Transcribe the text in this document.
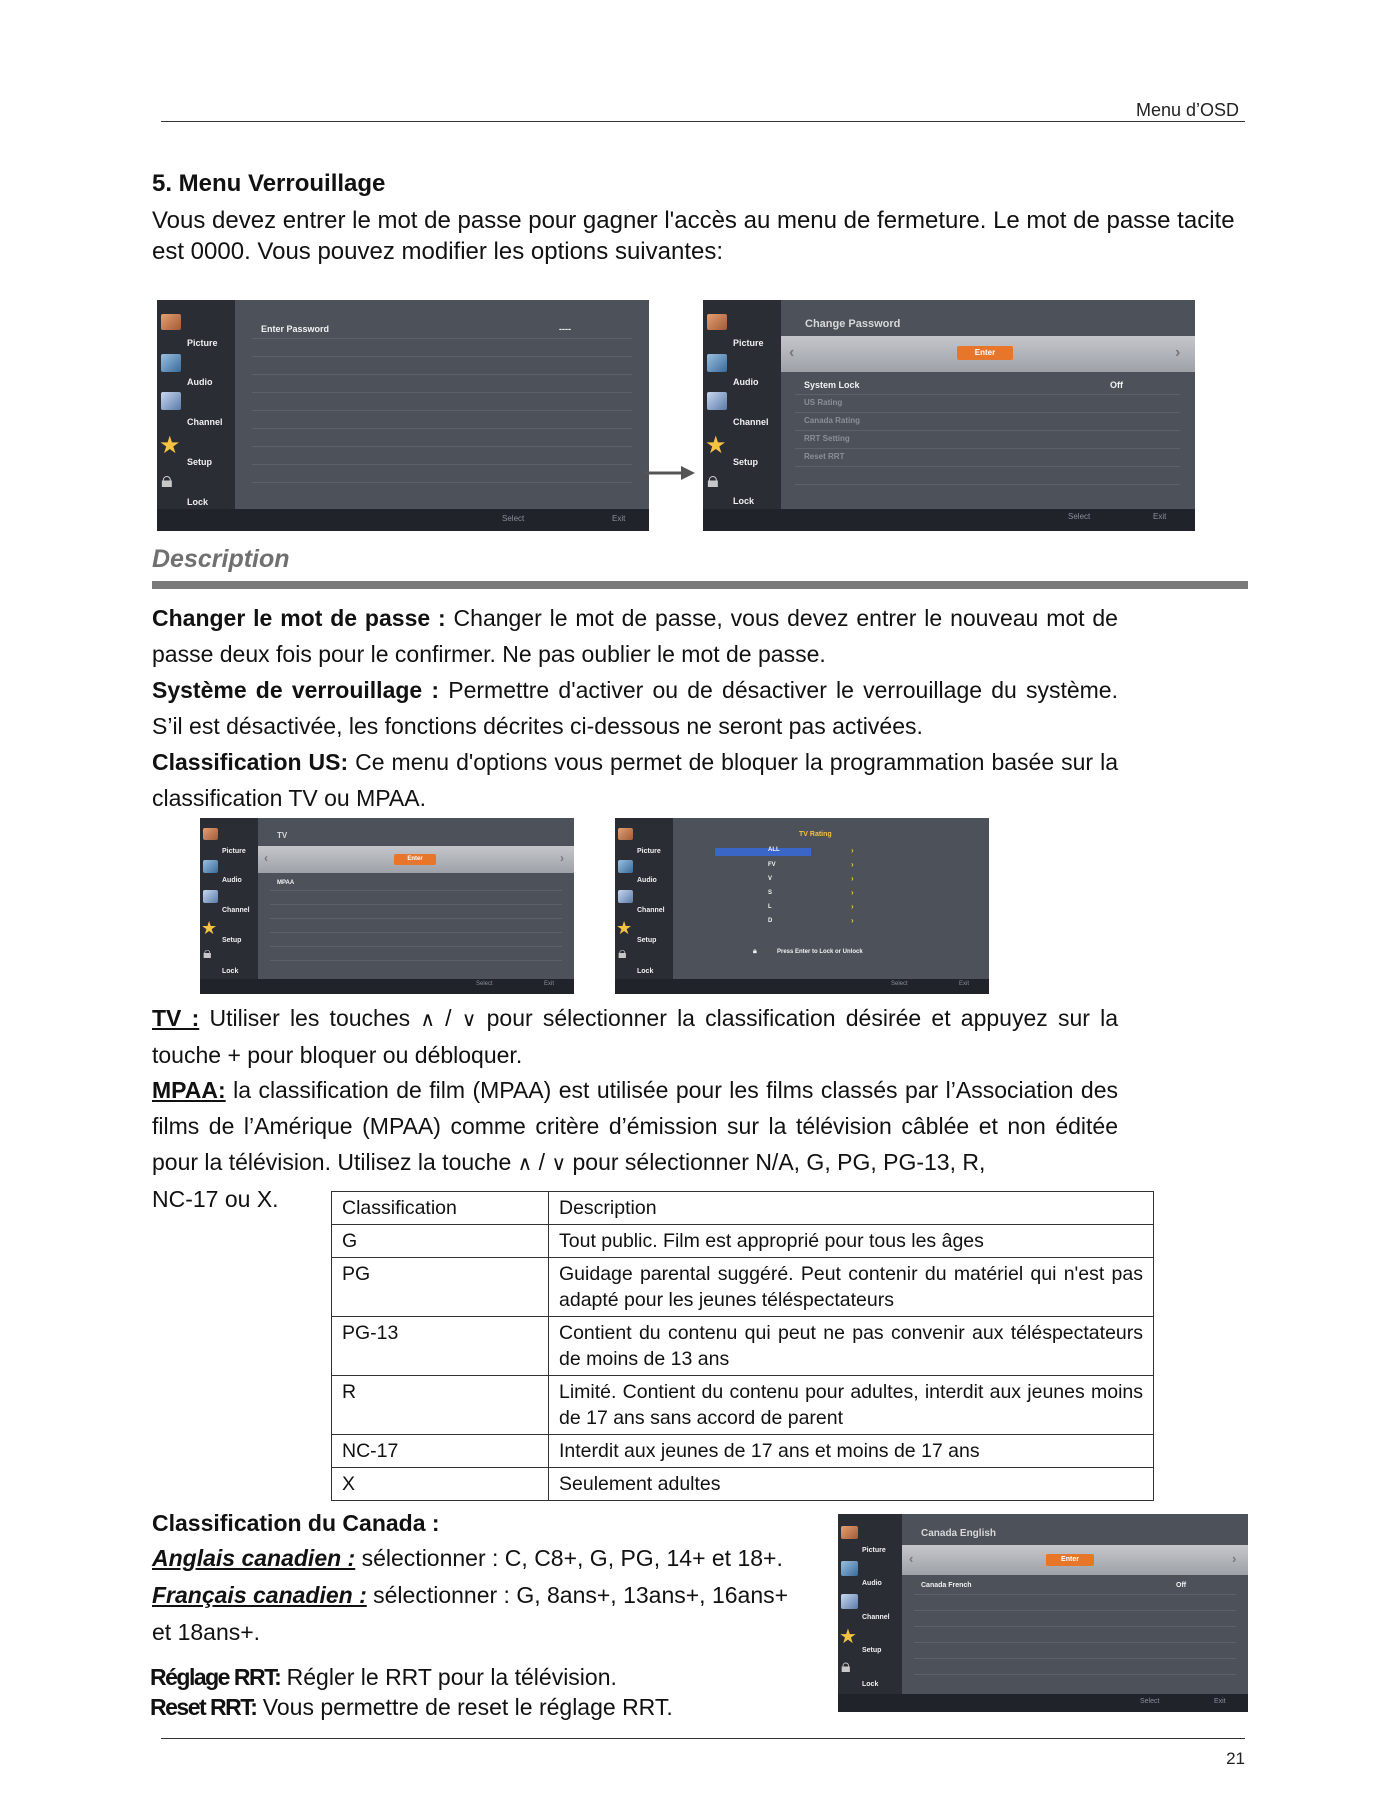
Menu d’OSD
5. Menu Verrouillage
Vous devez entrer le mot de passe pour gagner l'accès au menu de fermeture. Le mot de passe tacite est 0000. Vous pouvez modifier les options suivantes:
Picture
Audio
Channel
★
Setup
🔒︎
Lock
Enter Password	----
Select	Exit
Picture
Audio
Channel
★
Setup
🔒︎
Lock
Change Password
‹	›
Enter
System Lock	Off
US Rating
Canada Rating
RRT Setting
Reset RRT
Select	Exit
Description
Changer le mot de passe : Changer le mot de passe, vous devez entrer le nouveau mot de passe deux fois pour le confirmer. Ne pas oublier le mot de passe.
Système de verrouillage : Permettre d'activer ou de désactiver le verrouillage du système. S’il est désactivée, les fonctions décrites ci-dessous ne seront pas activées.
Classification US: Ce menu d'options vous permet de bloquer la programmation basée sur la classification TV ou MPAA.
Picture
Audio
Channel
★
Setup
🔒︎
Lock
TV
‹	›
Enter
MPAA
Select	Exit
Picture
Audio
Channel
★
Setup
🔒︎
Lock
TV Rating
ALL
FV
V
S
L
D
›
›
›
›
›
›
🔒︎	Press Enter to Lock or Unlock
Select	Exit
TV : Utiliser les touches ∧ / ∨ pour sélectionner la classification désirée et appuyez sur la touche + pour bloquer ou débloquer.
MPAA: la classification de film (MPAA) est utilisée pour les films classés par l’Association des films de l’Amérique (MPAA) comme critère d’émission sur la télévision câblée et non éditée pour la télévision. Utilisez la touche ∧ / ∨ pour sélectionner N/A, G, PG, PG-13, R,
NC-17 ou X.	Classification	Description
G	Tout public. Film est approprié pour tous les âges
PG	Guidage parental suggéré. Peut contenir du matériel qui n'est pas adapté pour les jeunes téléspectateurs
PG-13	Contient du contenu qui peut ne pas convenir aux téléspectateurs de moins de 13 ans
R	Limité. Contient du contenu pour adultes, interdit aux jeunes moins de 17 ans sans accord de parent
NC-17	Interdit aux jeunes de 17 ans et moins de 17 ans
X	Seulement adultes
Classification du Canada :
Anglais canadien : sélectionner : C, C8+, G, PG, 14+ et 18+.
Français canadien : sélectionner : G, 8ans+, 13ans+, 16ans+
et 18ans+.
Réglage RRT: Régler le RRT pour la télévision.
Reset RRT: Vous permettre de reset le réglage RRT.
Picture
Audio
Channel
★
Setup
🔒︎
Lock
Canada English
‹	›
Enter
Canada French	Off
Select	Exit
21
